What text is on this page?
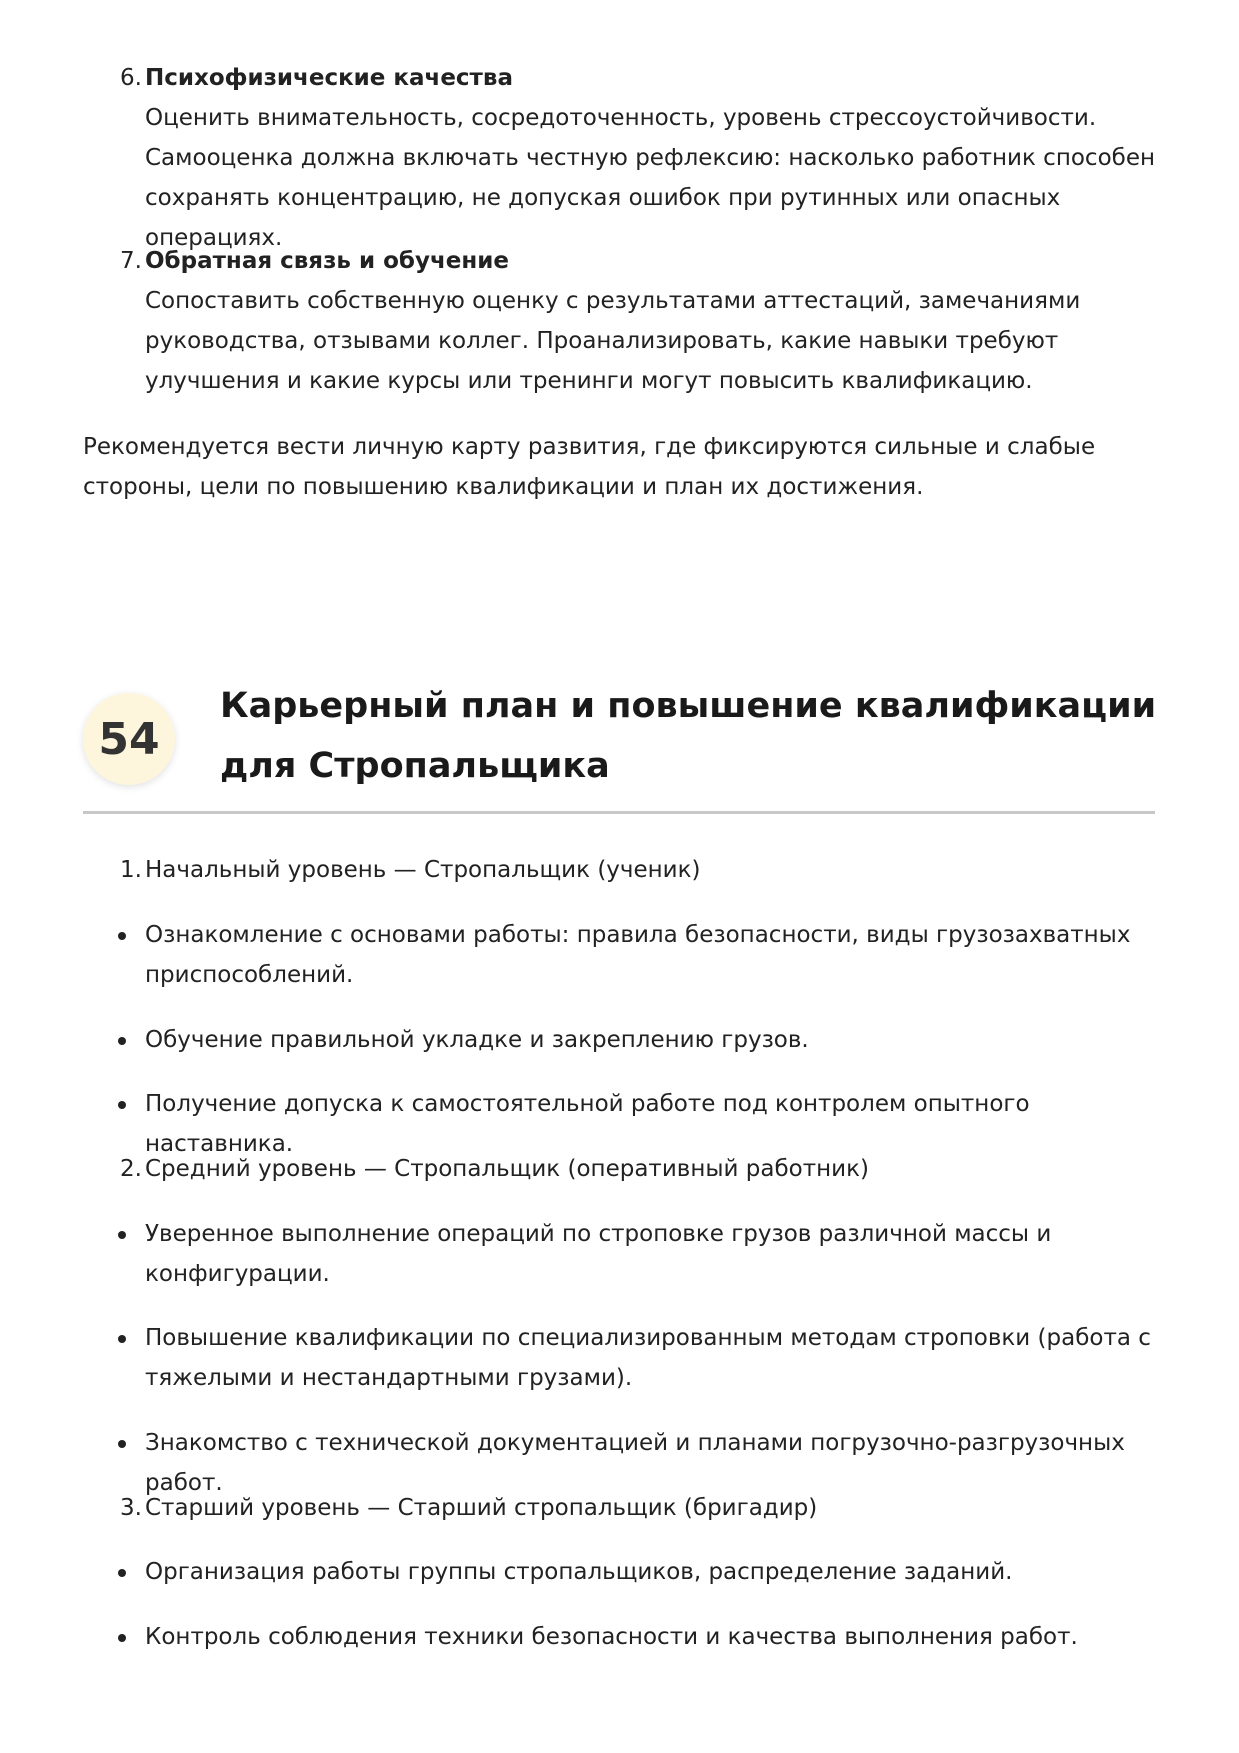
6. Психофизические качества

Оценить внимательность, сосредоточенность, уровень стрессоустойчивости. Самооценка должна включать честную рефлексию: насколько работник способен сохранять концентрацию, не допуская ошибок при рутинных или опасных операциях.

7. Обратная связь и обучение

Сопоставить собственную оценку с результатами аттестаций, замечаниями руководства, отзывами коллег. Проанализировать, какие навыки требуют улучшения и какие курсы или тренинги могут повысить квалификацию.

Рекомендуется вести личную карту развития, где фиксируются сильные и слабые стороны, цели по повышению квалификации и план их достижения.

54
Карьерный план и повышение квалификации для Стропальщика
1. Начальный уровень — Стропальщик (ученик)
Ознакомление с основами работы: правила безопасности, виды грузозахватных приспособлений.
Обучение правильной укладке и закреплению грузов.
Получение допуска к самостоятельной работе под контролем опытного наставника.
2. Средний уровень — Стропальщик (оперативный работник)
Уверенное выполнение операций по строповке грузов различной массы и конфигурации.
Повышение квалификации по специализированным методам строповки (работа с тяжелыми и нестандартными грузами).
Знакомство с технической документацией и планами погрузочно-разгрузочных работ.
3. Старший уровень — Старший стропальщик (бригадир)
Организация работы группы стропальщиков, распределение заданий.
Контроль соблюдения техники безопасности и качества выполнения работ.
